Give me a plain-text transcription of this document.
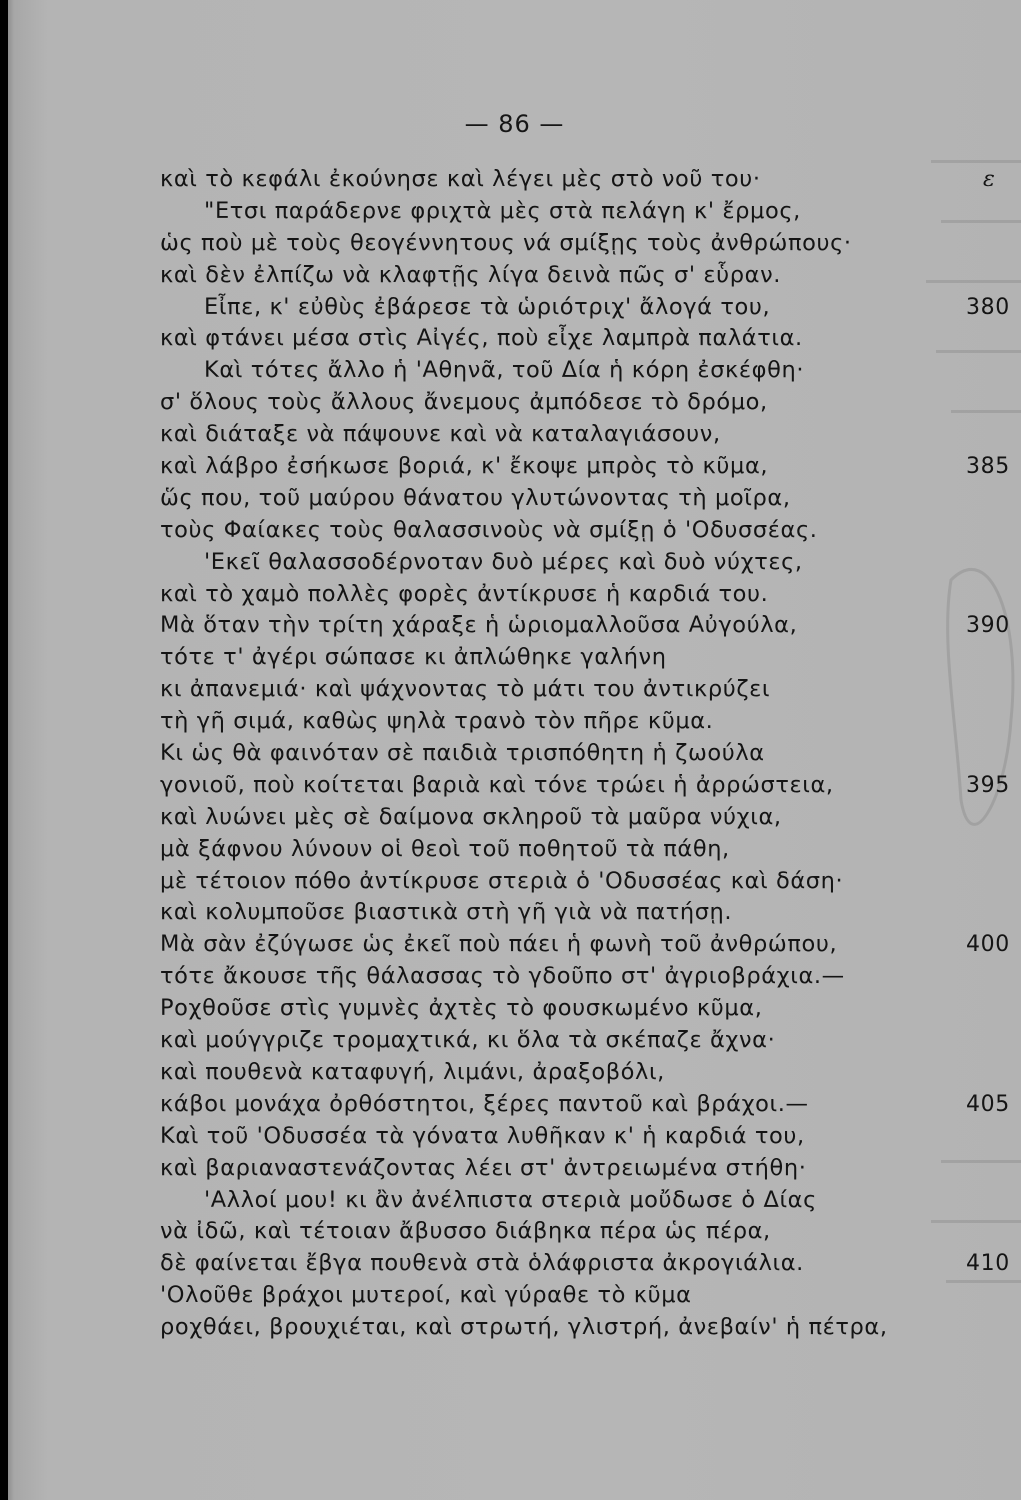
— 86 —
καὶ τὸ κεφάλι ἐκούνησε καὶ λέγει μὲς στὸ νοῦ του·	ε
"Ετσι παράδερνε φριχτὰ μὲς στὰ πελάγη κ' ἔρμος,
ὡς ποὺ μὲ τοὺς θεογέννητους νά σμίξῃς τοὺς ἀνθρώπους·
καὶ δὲν ἐλπίζω νὰ κλαφτῇς λίγα δεινὰ πῶς σ' εὗραν.
Εἶπε, κ' εὐθὺς ἐβάρεσε τὰ ὡριότριχ' ἄλογά του,	380
καὶ φτάνει μέσα στὶς Αἰγές, ποὺ εἶχε λαμπρὰ παλάτια.
Καὶ τότες ἄλλο ἡ 'Αθηνᾶ, τοῦ Δία ἡ κόρη ἐσκέφθη·
σ' ὅλους τοὺς ἄλλους ἄνεμους ἀμπόδεσε τὸ δρόμο,
καὶ διάταξε νὰ πάψουνε καὶ νὰ καταλαγιάσουν,
καὶ λάβρο ἐσήκωσε βοριά, κ' ἔκοψε μπρὸς τὸ κῦμα,	385
ὥς που, τοῦ μαύρου θάνατου γλυτώνοντας τὴ μοῖρα,
τοὺς Φαίακες τοὺς θαλασσινοὺς νὰ σμίξῃ ὁ 'Οδυσσέας.
'Εκεῖ θαλασσοδέρνοταν δυὸ μέρες καὶ δυὸ νύχτες,
καὶ τὸ χαμὸ πολλὲς φορὲς ἀντίκρυσε ἡ καρδιά του.
Μὰ ὅταν τὴν τρίτη χάραξε ἡ ὡριομαλλοῦσα Αὐγούλα,	390
τότε τ' ἀγέρι σώπασε κι ἀπλώθηκε γαλήνη
κι ἀπανεμιά· καὶ ψάχνοντας τὸ μάτι του ἀντικρύζει
τὴ γῆ σιμά, καθὼς ψηλὰ τρανὸ τὸν πῆρε κῦμα.
Κι ὡς θὰ φαινόταν σὲ παιδιὰ τρισπόθητη ἡ ζωούλα
γονιοῦ, ποὺ κοίτεται βαριὰ καὶ τόνε τρώει ἡ ἀρρώστεια,	395
καὶ λυώνει μὲς σὲ δαίμονα σκληροῦ τὰ μαῦρα νύχια,
μὰ ξάφνου λύνουν οἱ θεοὶ τοῦ ποθητοῦ τὰ πάθη,
μὲ τέτοιον πόθο ἀντίκρυσε στεριὰ ὁ 'Οδυσσέας καὶ δάση·
καὶ κολυμποῦσε βιαστικὰ στὴ γῆ γιὰ νὰ πατήσῃ.
Μὰ σὰν ἐζύγωσε ὡς ἐκεῖ ποὺ πάει ἡ φωνὴ τοῦ ἀνθρώπου,	400
τότε ἄκουσε τῆς θάλασσας τὸ γδοῦπο στ' ἀγριοβράχια.—
Ροχθοῦσε στὶς γυμνὲς ἀχτὲς τὸ φουσκωμένο κῦμα,
καὶ μούγγριζε τρομαχτικά, κι ὅλα τὰ σκέπαζε ἄχνα·
καὶ πουθενὰ καταφυγή, λιμάνι, ἀραξοβόλι,
κάβοι μονάχα ὀρθόστητοι, ξέρες παντοῦ καὶ βράχοι.—	405
Καὶ τοῦ 'Οδυσσέα τὰ γόνατα λυθῆκαν κ' ἡ καρδιά του,
καὶ βαριαναστενάζοντας λέει στ' ἀντρειωμένα στήθη·
'Αλλοί μου! κι ἂν ἀνέλπιστα στεριὰ μοὔδωσε ὁ Δίας
νὰ ἰδῶ, καὶ τέτοιαν ἄβυσσο διάβηκα πέρα ὡς πέρα,
δὲ φαίνεται ἔβγα πουθενὰ στὰ ὁλάφριστα ἀκρογιάλια.	410
'Ολοῦθε βράχοι μυτεροί, καὶ γύραθε τὸ κῦμα
ροχθάει, βρουχιέται, καὶ στρωτή, γλιστρή, ἀνεβαίν' ἡ πέτρα,
